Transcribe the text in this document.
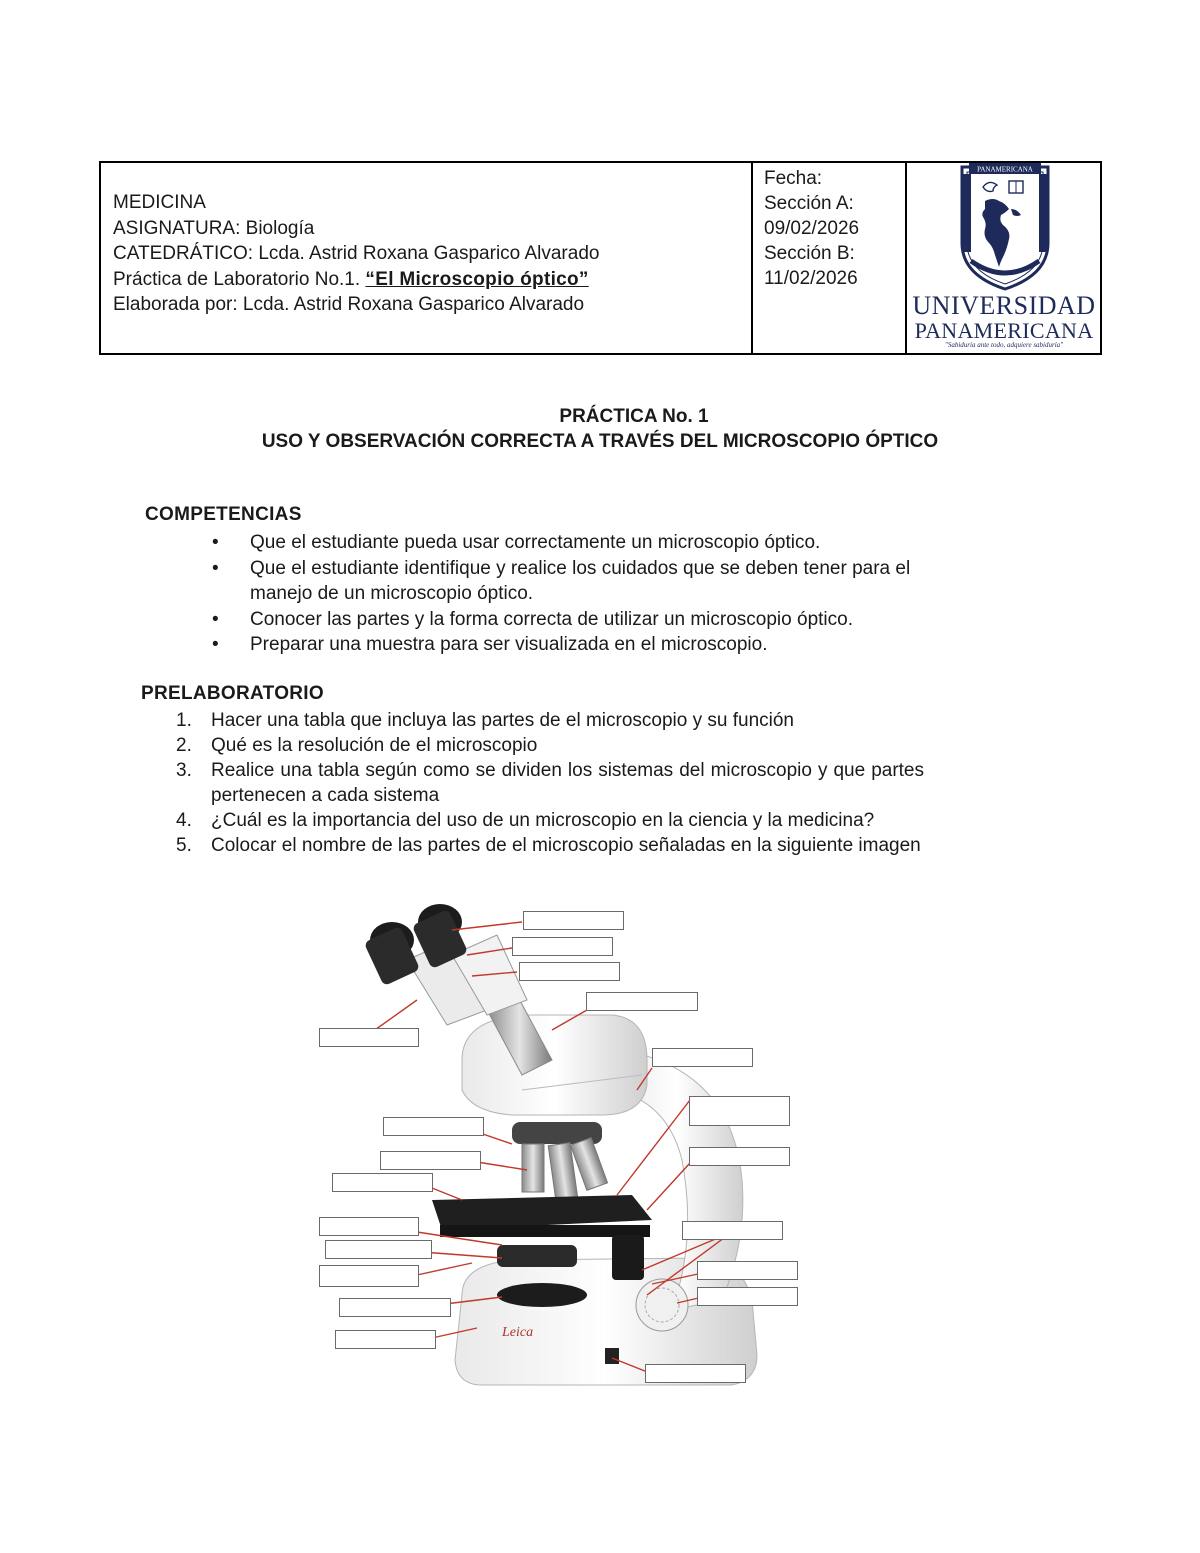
MEDICINA
ASIGNATURA: Biología
CATEDRÁTICO: Lcda. Astrid Roxana Gasparico Alvarado
Práctica de Laboratorio No.1. “El Microscopio óptico”
Elaborada por: Lcda. Astrid Roxana Gasparico Alvarado
Fecha:
Sección A:
09/02/2026
Sección B:
11/02/2026
PANAMERICANA
"Sabiduría ante todo, adquiere sabiduría"
UNIVERSIDAD
PANAMERICANA
PRÁCTICA No. 1
USO Y OBSERVACIÓN CORRECTA A TRAVÉS DEL MICROSCOPIO ÓPTICO
COMPETENCIAS
• Que el estudiante pueda usar correctamente un microscopio óptico.
• Que el estudiante identifique y realice los cuidados que se deben tener para el manejo de un microscopio óptico.
• Conocer las partes y la forma correcta de utilizar un microscopio óptico.
• Preparar una muestra para ser visualizada en el microscopio.
PRELABORATORIO
1. Hacer una tabla que incluya las partes de el microscopio y su función
2. Qué es la resolución de el microscopio
3. Realice una tabla según como se dividen los sistemas del microscopio y que partes pertenecen a cada sistema
4. ¿Cuál es la importancia del uso de un microscopio en la ciencia y la medicina?
5. Colocar el nombre de las partes de el microscopio señaladas en la siguiente imagen
Leica
